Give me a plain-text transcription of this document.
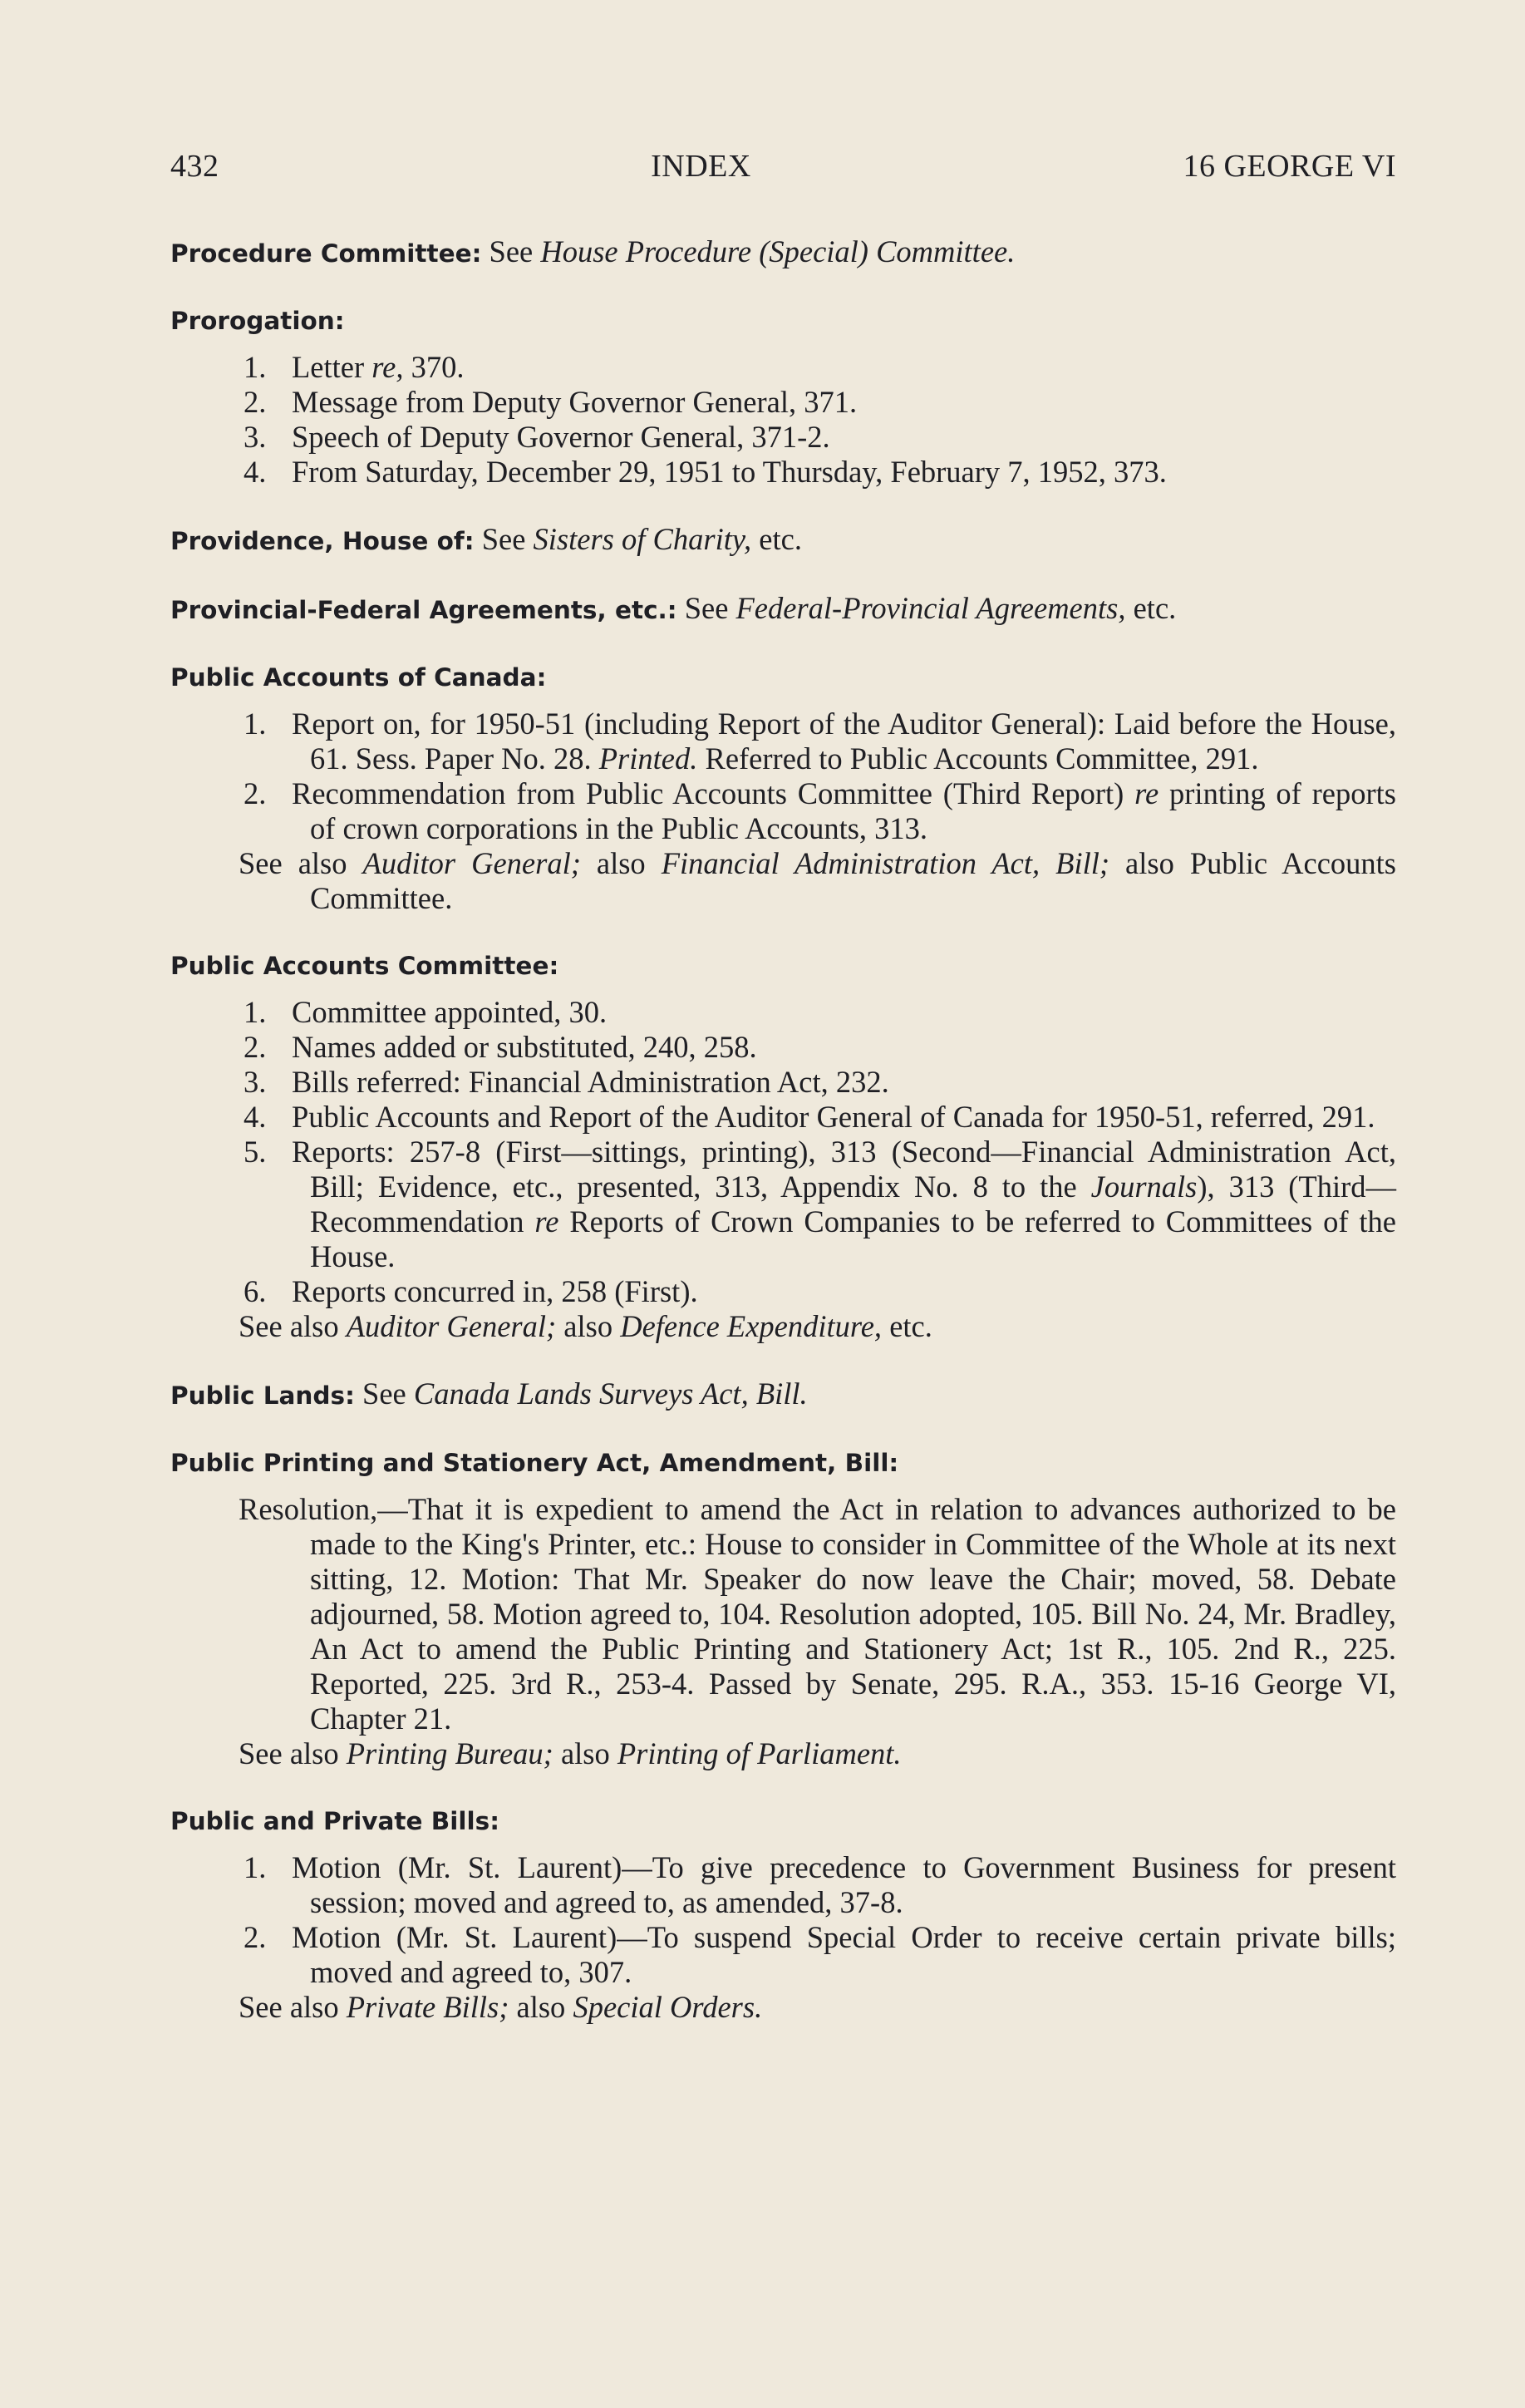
432	INDEX	16 GEORGE VI
Procedure Committee: See House Procedure (Special) Committee.
Prorogation:
1. Letter re, 370.
2. Message from Deputy Governor General, 371.
3. Speech of Deputy Governor General, 371-2.
4. From Saturday, December 29, 1951 to Thursday, February 7, 1952, 373.
Providence, House of: See Sisters of Charity, etc.
Provincial-Federal Agreements, etc.: See Federal-Provincial Agreements, etc.
Public Accounts of Canada:
1. Report on, for 1950-51 (including Report of the Auditor General): Laid before the House, 61. Sess. Paper No. 28. Printed. Referred to Public Accounts Committee, 291.
2. Recommendation from Public Accounts Committee (Third Report) re printing of reports of crown corporations in the Public Accounts, 313.
See also Auditor General; also Financial Administration Act, Bill; also Public Accounts Committee.
Public Accounts Committee:
1. Committee appointed, 30.
2. Names added or substituted, 240, 258.
3. Bills referred: Financial Administration Act, 232.
4. Public Accounts and Report of the Auditor General of Canada for 1950-51, referred, 291.
5. Reports: 257-8 (First—sittings, printing), 313 (Second—Financial Administration Act, Bill; Evidence, etc., presented, 313, Appendix No. 8 to the Journals), 313 (Third—Recommendation re Reports of Crown Companies to be referred to Committees of the House.
6. Reports concurred in, 258 (First).
See also Auditor General; also Defence Expenditure, etc.
Public Lands: See Canada Lands Surveys Act, Bill.
Public Printing and Stationery Act, Amendment, Bill:
Resolution,—That it is expedient to amend the Act in relation to advances authorized to be made to the King's Printer, etc.: House to consider in Committee of the Whole at its next sitting, 12. Motion: That Mr. Speaker do now leave the Chair; moved, 58. Debate adjourned, 58. Motion agreed to, 104. Resolution adopted, 105. Bill No. 24, Mr. Bradley, An Act to amend the Public Printing and Stationery Act; 1st R., 105. 2nd R., 225. Reported, 225. 3rd R., 253-4. Passed by Senate, 295. R.A., 353. 15-16 George VI, Chapter 21.
See also Printing Bureau; also Printing of Parliament.
Public and Private Bills:
1. Motion (Mr. St. Laurent)—To give precedence to Government Business for present session; moved and agreed to, as amended, 37-8.
2. Motion (Mr. St. Laurent)—To suspend Special Order to receive certain private bills; moved and agreed to, 307.
See also Private Bills; also Special Orders.
